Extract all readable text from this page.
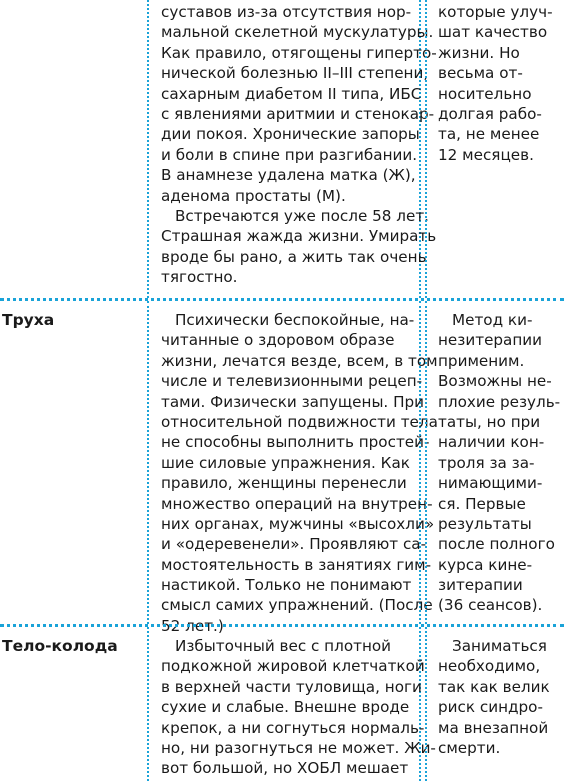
суставов из-за отсутствия нор-
мальной скелетной мускулатуры.
Как правило, отягощены гиперто-
нической болезнью II–III степени,
сахарным диабетом II типа, ИБС
с явлениями аритмии и стенокар-
дии покоя. Хронические запоры
и боли в спине при разгибании.
В анамнезе удалена матка (Ж),
аденома простаты (М).
Встречаются уже после 58 лет.
Страшная жажда жизни. Умирать
вроде бы рано, а жить так очень
тягостно.
которые улуч-
шат качество
жизни. Но
весьма от-
носительно
долгая рабо-
та, не менее
12 месяцев.
Труха	Психически беспокойные, на-
читанные о здоровом образе
жизни, лечатся везде, всем, в том
числе и телевизионными рецеп-
тами. Физически запущены. При
относительной подвижности тела
не способны выполнить простей-
шие силовые упражнения. Как
правило, женщины перенесли
множество операций на внутрен-
них органах, мужчины «высохли»
и «одеревенели». Проявляют са-
мостоятельность в занятиях гим-
настикой. Только не понимают
смысл самих упражнений. (После
52 лет.)
Метод ки-
незитерапии
применим.
Возможны не-
плохие резуль-
таты, но при
наличии кон-
троля за за-
нимающими-
ся. Первые
результаты
после полного
курса кине-
зитерапии
(36 сеансов).
Тело-колода	Избыточный вес с плотной
подкожной жировой клетчаткой
в верхней части туловища, ноги
сухие и слабые. Внешне вроде
крепок, а ни согнуться нормаль-
но, ни разогнуться не может. Жи-
вот большой, но ХОБЛ мешает
Заниматься
необходимо,
так как велик
риск синдро-
ма внезапной
смерти.
